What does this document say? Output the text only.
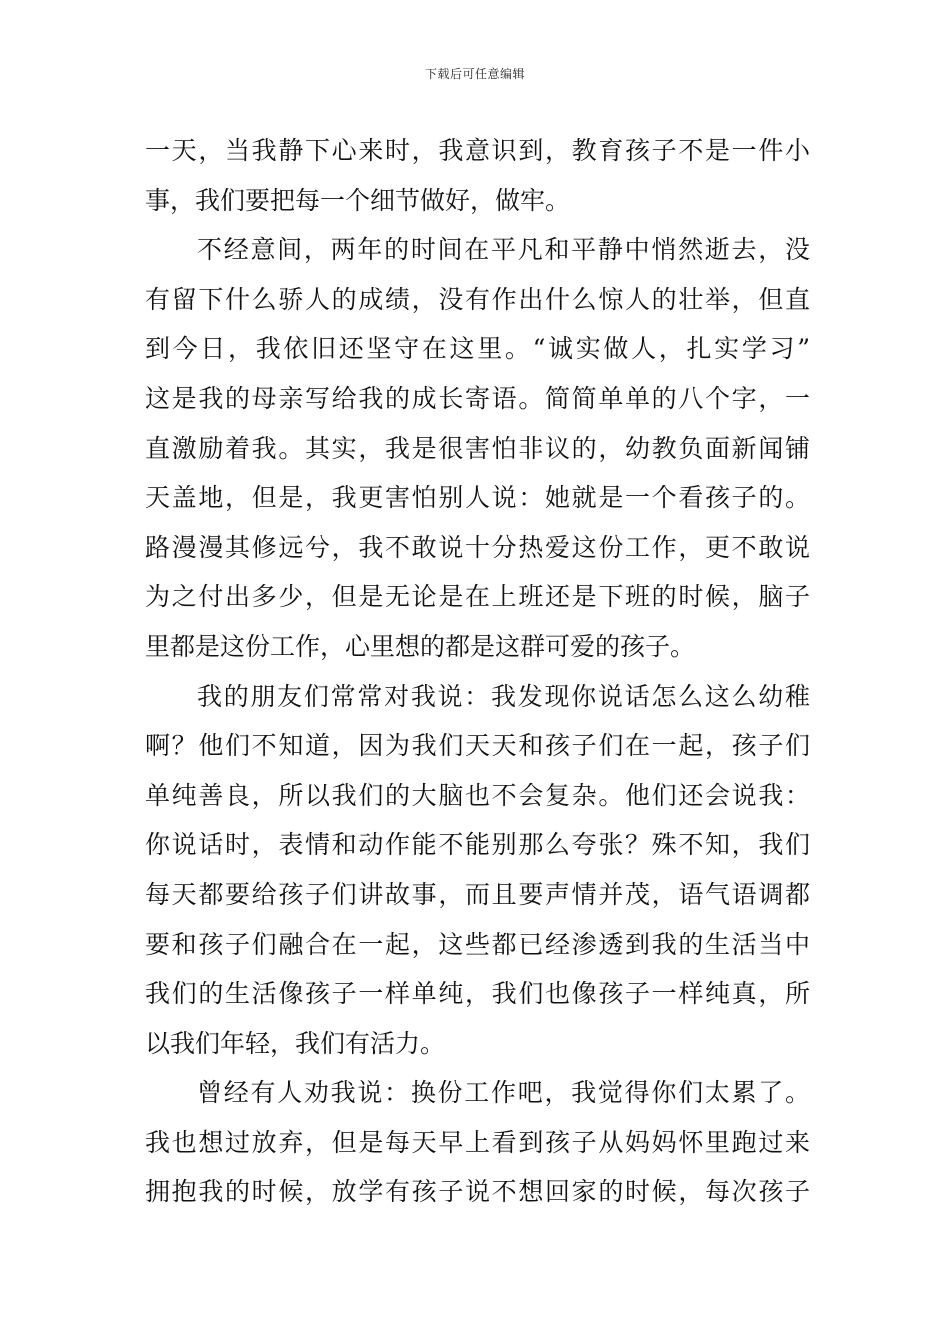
下载后可任意编辑
一天，当我静下心来时，我意识到，教育孩子不是一件小
事，我们要把每一个细节做好，做牢。
不经意间，两年的时间在平凡和平静中悄然逝去，没
有留下什么骄人的成绩，没有作出什么惊人的壮举，但直
到今日，我依旧还坚守在这里。“诚实做人，扎实学习”
这是我的母亲写给我的成长寄语。简简单单的八个字，一
直激励着我。其实，我是很害怕非议的，幼教负面新闻铺
天盖地，但是，我更害怕别人说：她就是一个看孩子的。
路漫漫其修远兮，我不敢说十分热爱这份工作，更不敢说
为之付出多少，但是无论是在上班还是下班的时候，脑子
里都是这份工作，心里想的都是这群可爱的孩子。
我的朋友们常常对我说：我发现你说话怎么这么幼稚
啊？他们不知道，因为我们天天和孩子们在一起，孩子们
单纯善良，所以我们的大脑也不会复杂。他们还会说我：
你说话时，表情和动作能不能别那么夸张？殊不知，我们
每天都要给孩子们讲故事，而且要声情并茂，语气语调都
要和孩子们融合在一起，这些都已经渗透到我的生活当中
我们的生活像孩子一样单纯，我们也像孩子一样纯真，所
以我们年轻，我们有活力。
曾经有人劝我说：换份工作吧，我觉得你们太累了。
我也想过放弃，但是每天早上看到孩子从妈妈怀里跑过来
拥抱我的时候，放学有孩子说不想回家的时候，每次孩子
